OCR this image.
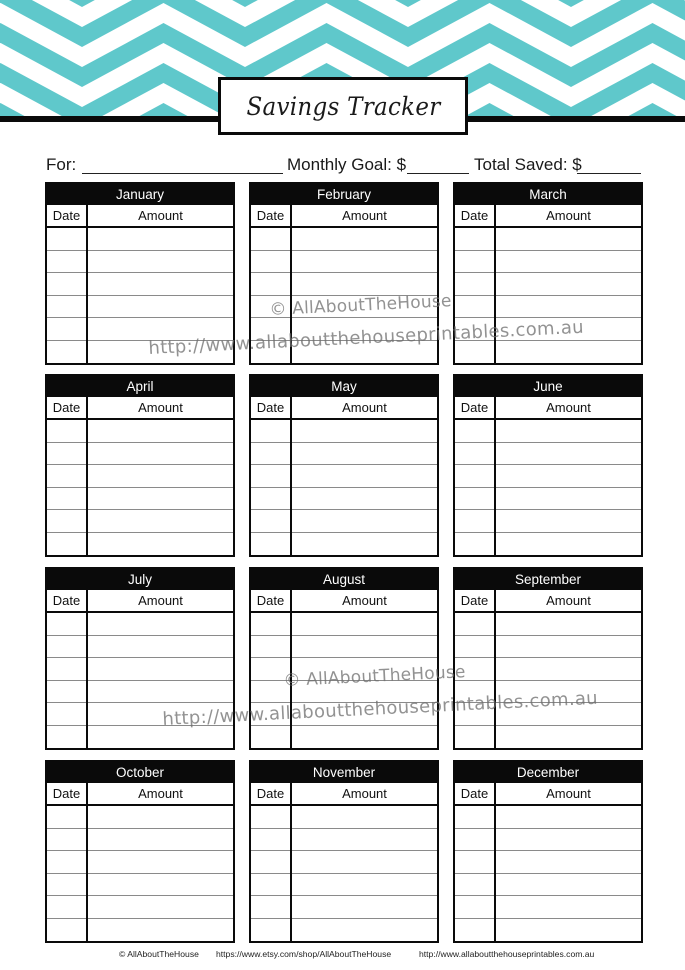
Savings Tracker
For:	Monthly Goal: $	Total Saved: $
January
Date	Amount
February
Date	Amount
March
Date	Amount
April
Date	Amount
May
Date	Amount
June
Date	Amount
July
Date	Amount
August
Date	Amount
September
Date	Amount
October
Date	Amount
November
Date	Amount
December
Date	Amount
© AllAboutTheHouse
http://www.allaboutthehouseprintables.com.au
© AllAboutTheHouse
http://www.allaboutthehouseprintables.com.au
© AllAboutTheHouse https://www.etsy.com/shop/AllAboutTheHouse	http://www.allaboutthehouseprintables.com.au
